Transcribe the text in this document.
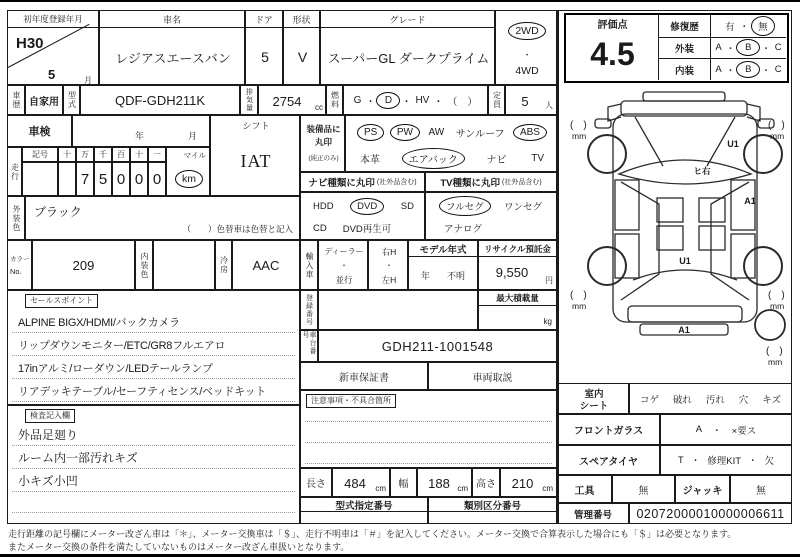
初年度登録年月
H30
5	月
車名
レジアスエースバン
ドア
5
形状
V
グレード
スーパーGL ダークプライム
2WD
・
4WD
車歴 自家用	型式	QDF-GDH211K	排気量	2754	cc 燃料	G ・ D ・ HV ・ （　）	定員	5	人
車検	年	月
シフト
IAT
走行
記号	十	万	千	百	十	一
7 5 0 0 0
マイル
km
外装色	ブラック
（　　）色替車は色替と記入
装備品に
丸印
(純正のみ)
PS	PW	AW サンルーフ	ABS
本革	エアバック	ナビ TV
ナビ種類に丸印 (社外品含む)	TV種類に丸印 (社外品含む)
HDD	DVD	SD
CD DVD再生可
フルセグ	ワンセグ
アナログ
カラー
No.	209	内装色	冷房	AAC	輸入車	ディーラー
・
並行
右H
・
左H
モデル年式
年 不明
リサイクル預託金
9,550
円
セールスポイント
ALPINE BIGX/HDMI/バックカメラ
リップダウンモニター/ETC/GR8フルエアロ
17inアルミ/ローダウン/LEDテールランプ
リアデッキテーブル/セーフティセンス/ベッドキット
登録番号	最大積載量
kg
車台番号
GDH211-1001548
新車保証書	車両取説
注意事項・不具合箇所
長さ	484	cm	幅	188 cm 高さ	210	cm
型式指定番号	類別区分番号
検査記入欄
外品足廻り
ルーム内一部汚れキズ
小キズ小凹
評価点
4.5
修復歴	有 ・ 無
外装	A ・	B	・ C
内装	A ・	B	・ C
U1
ヒ右
A1
U1
A1
(　)
mm
(　)
mm
(　)
mm
(　)
mm
(　)
mm
室内
シート
コゲ 破れ 汚れ 穴 キズ
フロントガラス	A ・ ×要ス
スペアタイヤ	T ・ 修理KIT ・ 欠
工具	無	ジャッキ	無
管理番号	02072000010000006611
走行距離の記号欄にメーター改ざん車は「＊」、メーター交換車は「＄」、走行不明車は「＃」を記入してください。メーター交換で合算表示した場合にも「＄」は必要となります。
またメーター交換の条件を満たしていないものはメーター改ざん車扱いとなります。
